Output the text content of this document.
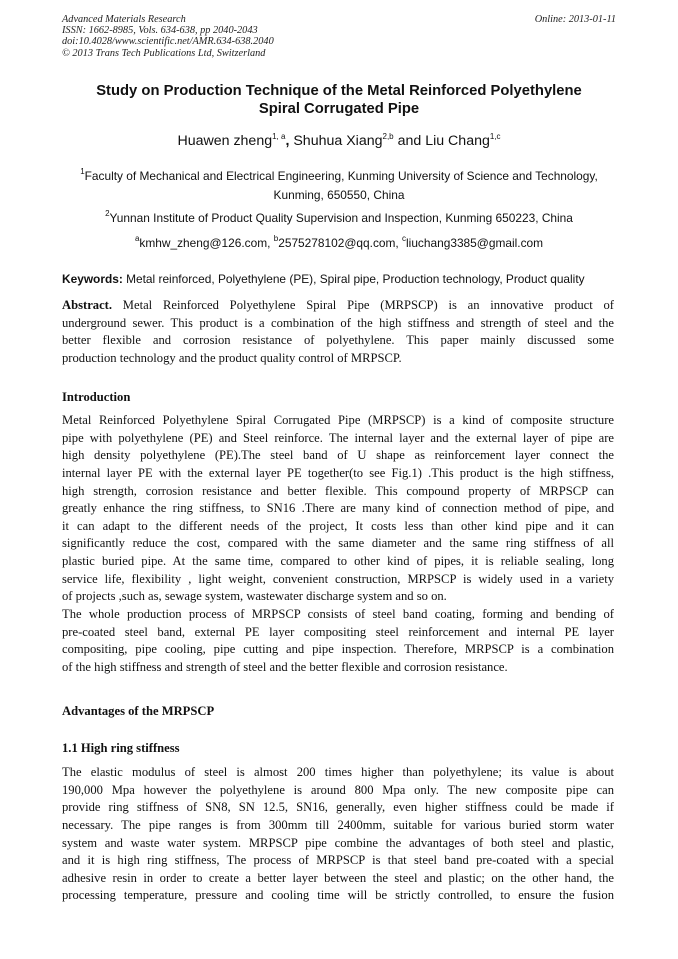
Advanced Materials Research
ISSN: 1662-8985, Vols. 634-638, pp 2040-2043
doi:10.4028/www.scientific.net/AMR.634-638.2040
© 2013 Trans Tech Publications Ltd, Switzerland
Online: 2013-01-11
Study on Production Technique of the Metal Reinforced Polyethylene
Spiral Corrugated Pipe
Huawen zheng$^{1, a}$, Shuhua Xiang$^{2,b}$ and Liu Chang$^{1,c}$
$^1$Faculty of Mechanical and Electrical Engineering, Kunming University of Science and Technology,
Kunming, 650550, China
$^2$Yunnan Institute of Product Quality Supervision and Inspection, Kunming 650223, China
$^a$kmhw_zheng@126.com, $^b$2575278102@qq.com, $^c$liuchang3385@gmail.com
Keywords: Metal reinforced, Polyethylene (PE), Spiral pipe, Production technology, Product quality
Abstract. Metal Reinforced Polyethylene Spiral Pipe (MRPSCP) is an innovative product of
underground sewer. This product is a combination of the high stiffness and strength of steel and the
better flexible and corrosion resistance of polyethylene. This paper mainly discussed some
production technology and the product quality control of MRPSCP.
Introduction
Metal Reinforced Polyethylene Spiral Corrugated Pipe (MRPSCP) is a kind of composite structure
pipe with polyethylene (PE) and Steel reinforce. The internal layer and the external layer of pipe are
high density polyethylene (PE).The steel band of U shape as reinforcement layer connect the
internal layer PE with the external layer PE together(to see Fig.1) .This product is the high stiffness,
high strength, corrosion resistance and better flexible. This compound property of MRPSCP can
greatly enhance the ring stiffness, to SN16 .There are many kind of connection method of pipe, and
it can adapt to the different needs of the project, It costs less than other kind pipe and it can
significantly reduce the cost, compared with the same diameter and the same ring stiffness of all
plastic buried pipe. At the same time, compared to other kind of pipes, it is reliable sealing, long
service life, flexibility , light weight, convenient construction, MRPSCP is widely used in a variety
of projects ,such as, sewage system, wastewater discharge system and so on.
The whole production process of MRPSCP consists of steel band coating, forming and bending of
pre-coated steel band, external PE layer compositing steel reinforcement and internal PE layer
compositing, pipe cooling, pipe cutting and pipe inspection. Therefore, MRPSCP is a combination
of the high stiffness and strength of steel and the better flexible and corrosion resistance.
Advantages of the MRPSCP
1.1 High ring stiffness
The elastic modulus of steel is almost 200 times higher than polyethylene; its value is about
190,000 Mpa however the polyethylene is around 800 Mpa only. The new composite pipe can
provide ring stiffness of SN8, SN 12.5, SN16, generally, even higher stiffness could be made if
necessary. The pipe ranges is from 300mm till 2400mm, suitable for various buried storm water
system and waste water system. MRPSCP pipe combine the advantages of both steel and plastic,
and it is high ring stiffness, The process of MRPSCP is that steel band pre-coated with a special
adhesive resin in order to create a better layer between the steel and plastic; on the other hand, the
processing temperature, pressure and cooling time will be strictly controlled, to ensure the fusion
